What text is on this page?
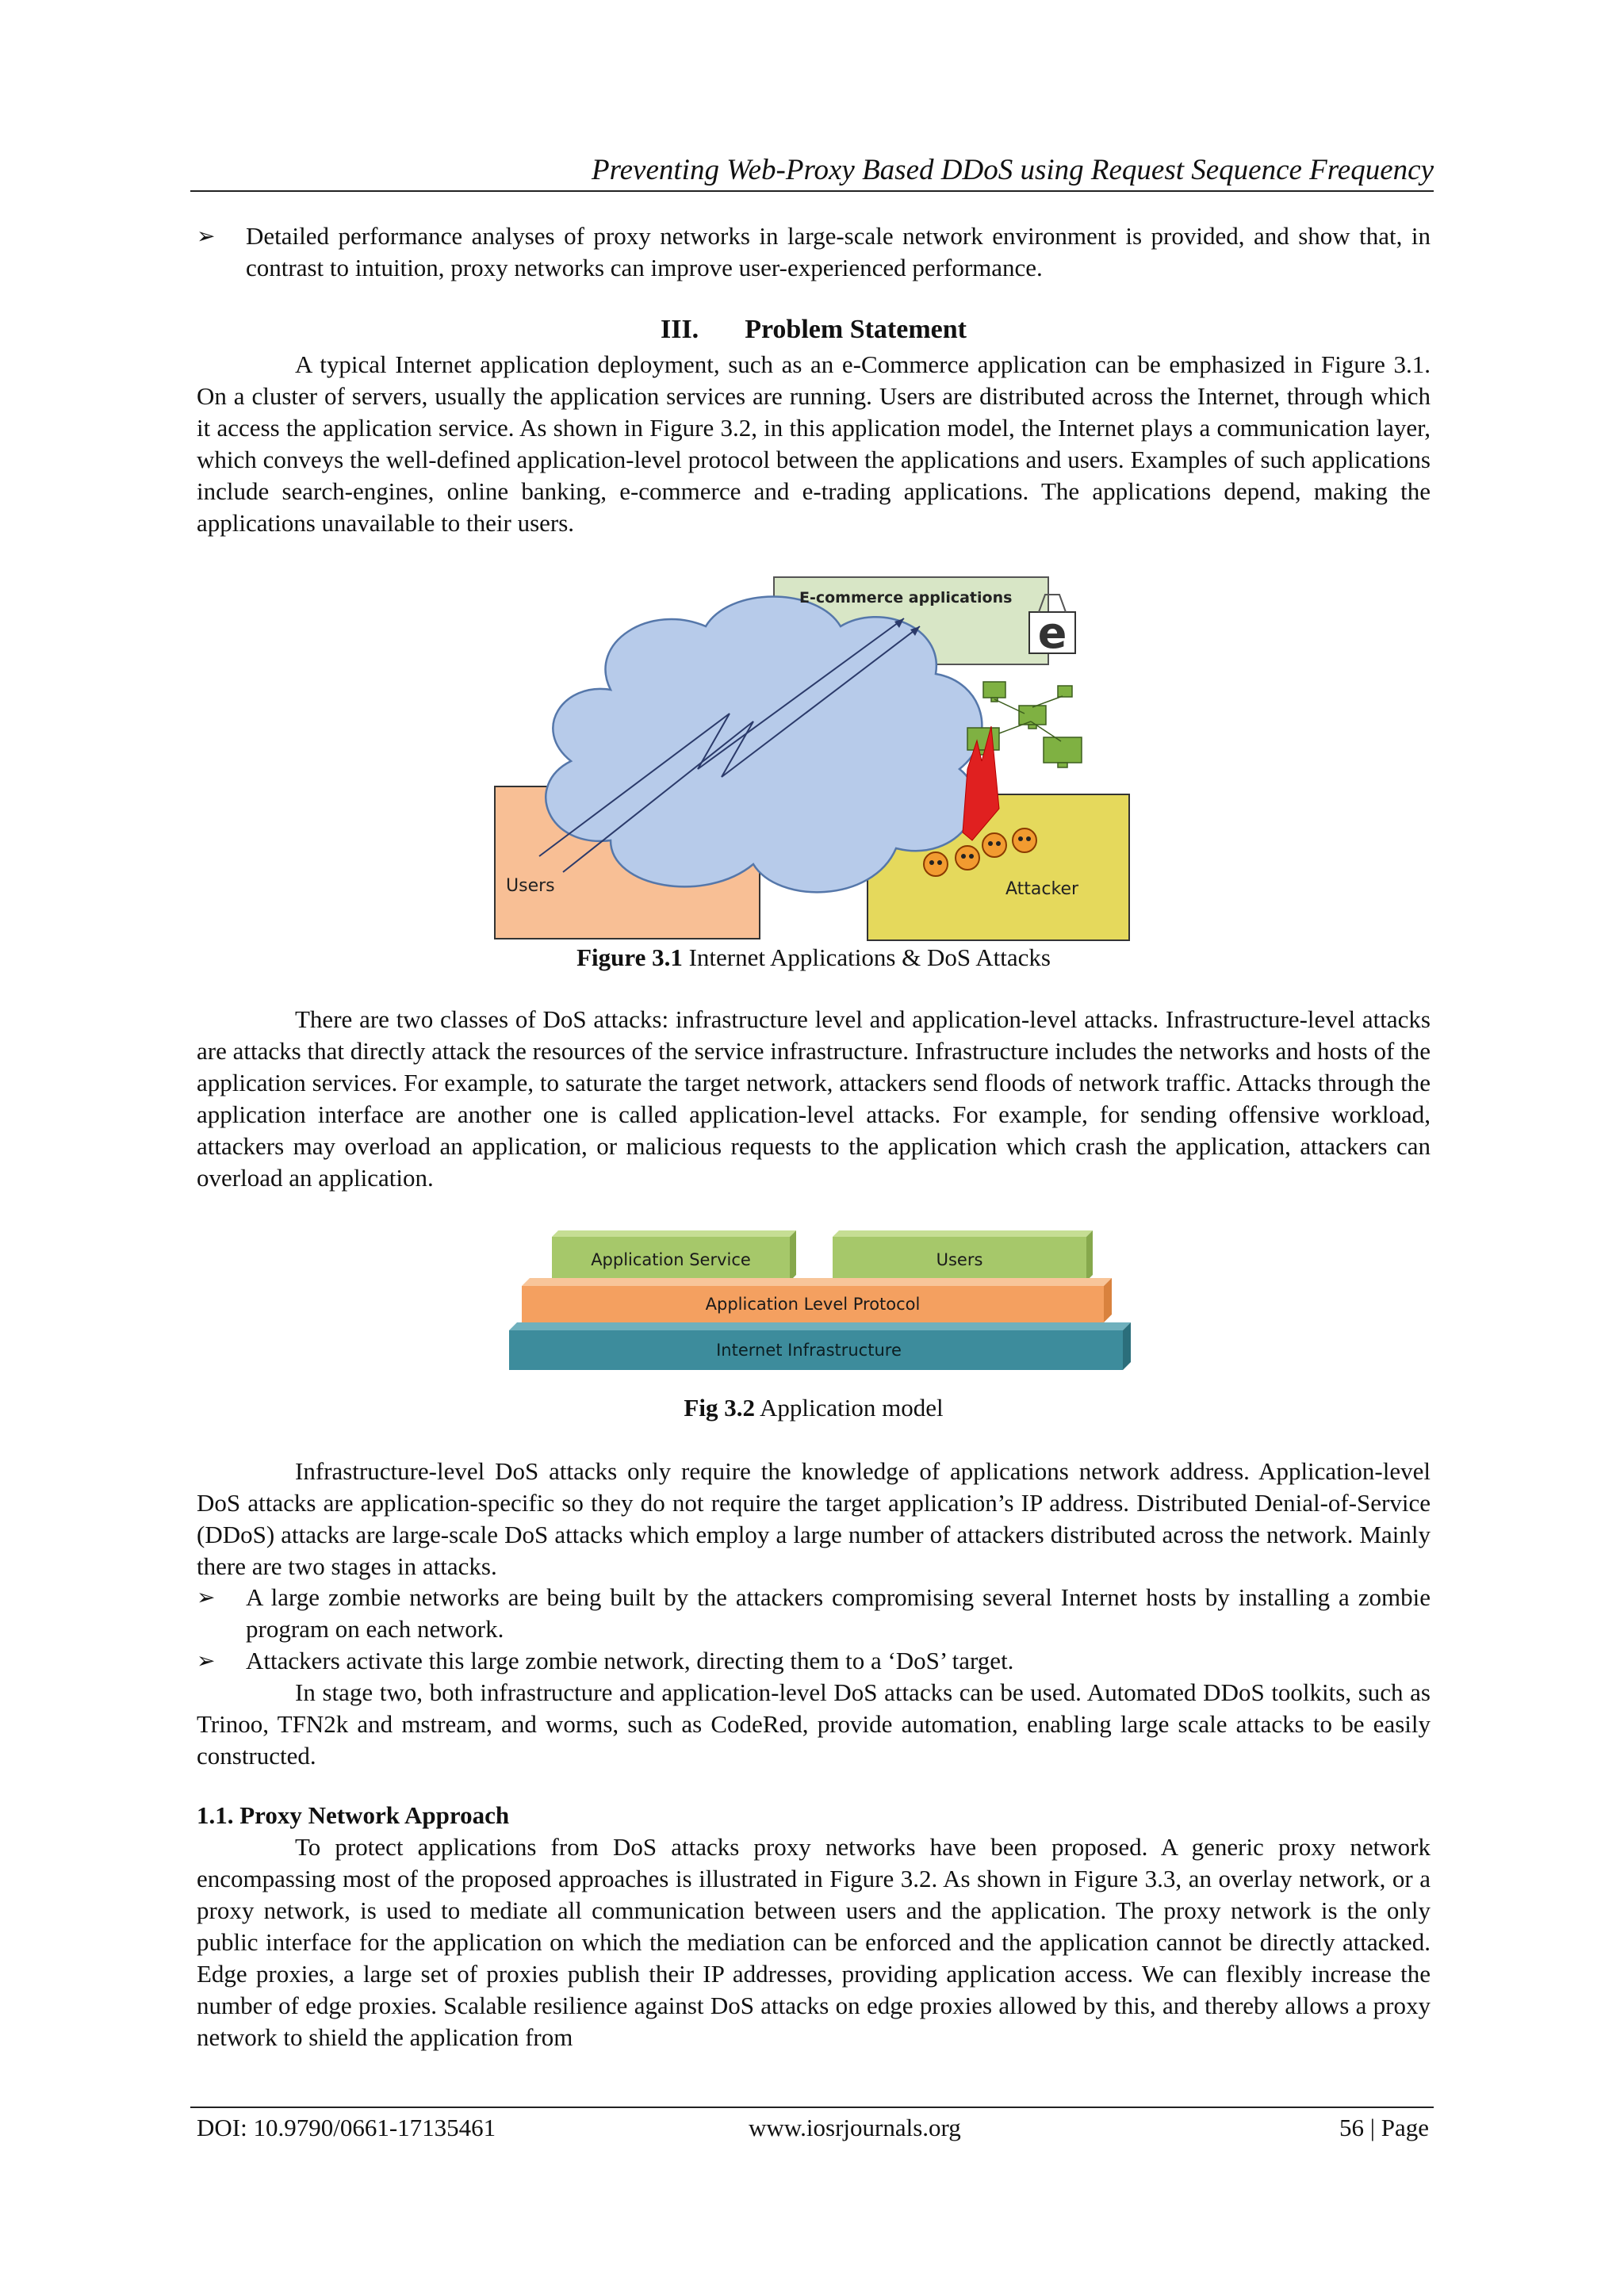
Preventing Web-Proxy Based DDoS using Request Sequence Frequency
➢	Detailed performance analyses of proxy networks in large-scale network environment is provided, and show that, in contrast to intuition, proxy networks can improve user-experienced performance.
III. Problem Statement
A typical Internet application deployment, such as an e-Commerce application can be emphasized in Figure 3.1. On a cluster of servers, usually the application services are running. Users are distributed across the Internet, through which it access the application service. As shown in Figure 3.2, in this application model, the Internet plays a communication layer, which conveys the well-defined application-level protocol between the applications and users. Examples of such applications include search-engines, online banking, e-commerce and e-trading applications. The applications depend, making the applications unavailable to their users.
e
E-commerce applications
Users	Attacker
Figure 3.1 Internet Applications & DoS Attacks
There are two classes of DoS attacks: infrastructure level and application-level attacks. Infrastructure-level attacks are attacks that directly attack the resources of the service infrastructure. Infrastructure includes the networks and hosts of the application services. For example, to saturate the target network, attackers send floods of network traffic. Attacks through the application interface are another one is called application-level attacks. For example, for sending offensive workload, attackers may overload an application, or malicious requests to the application which crash the application, attackers can overload an application.
Application Service	Users
Application Level Protocol
Internet Infrastructure
Fig 3.2 Application model
Infrastructure-level DoS attacks only require the knowledge of applications network address. Application-level DoS attacks are application-specific so they do not require the target application’s IP address. Distributed Denial-of-Service (DDoS) attacks are large-scale DoS attacks which employ a large number of attackers distributed across the network. Mainly there are two stages in attacks.
➢	A large zombie networks are being built by the attackers compromising several Internet hosts by installing a zombie program on each network.
➢	Attackers activate this large zombie network, directing them to a ‘DoS’ target.
In stage two, both infrastructure and application-level DoS attacks can be used. Automated DDoS toolkits, such as Trinoo, TFN2k and mstream, and worms, such as CodeRed, provide automation, enabling large scale attacks to be easily constructed.
1.1. Proxy Network Approach
To protect applications from DoS attacks proxy networks have been proposed. A generic proxy network encompassing most of the proposed approaches is illustrated in Figure 3.2. As shown in Figure 3.3, an overlay network, or a proxy network, is used to mediate all communication between users and the application. The proxy network is the only public interface for the application on which the mediation can be enforced and the application cannot be directly attacked. Edge proxies, a large set of proxies publish their IP addresses, providing application access. We can flexibly increase the number of edge proxies. Scalable resilience against DoS attacks on edge proxies allowed by this, and thereby allows a proxy network to shield the application from
DOI: 10.9790/0661-17135461	www.iosrjournals.org	56 | Page
